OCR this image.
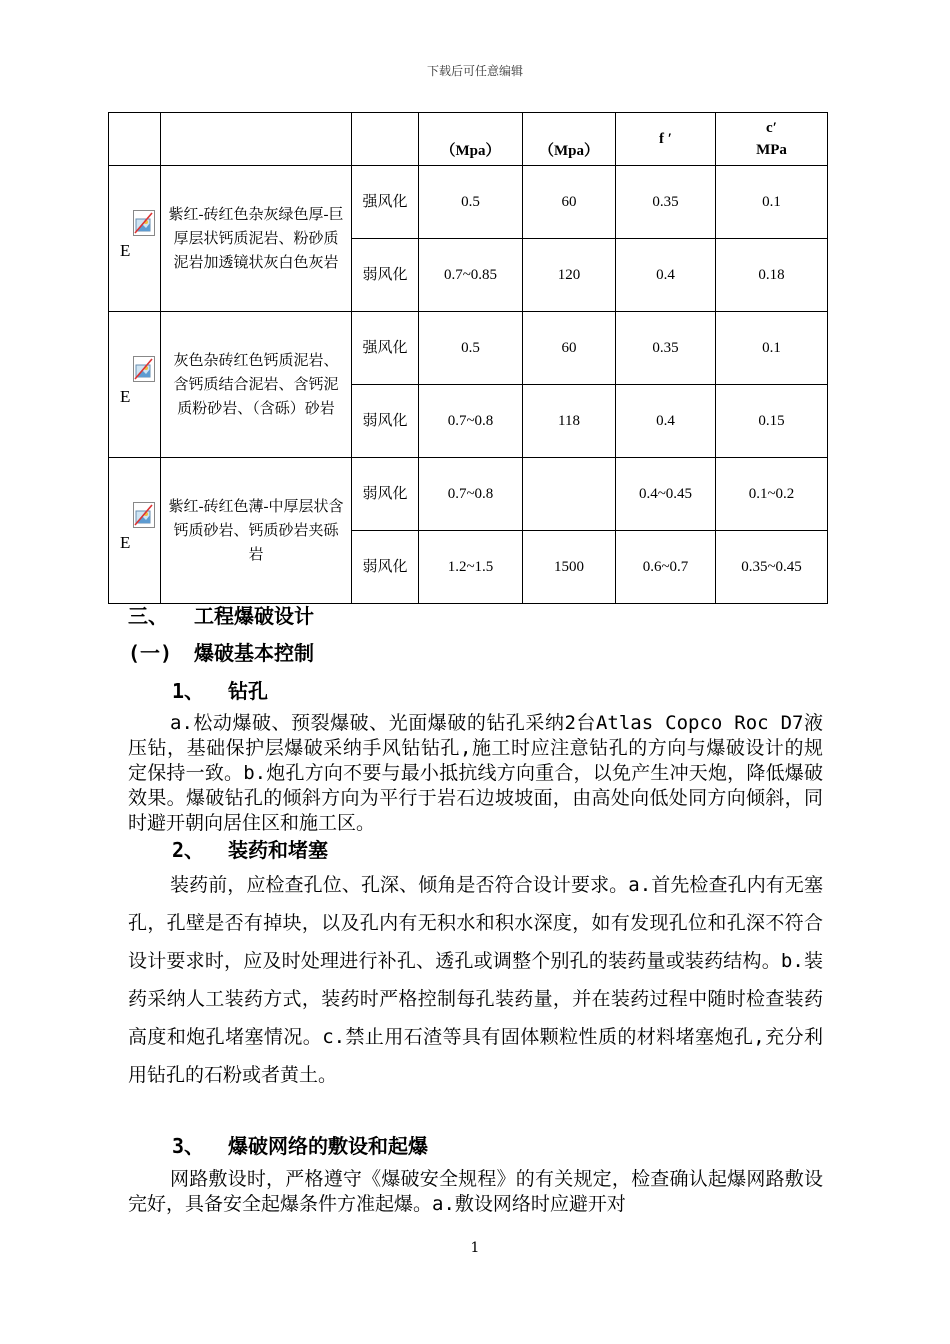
下载后可任意编辑
			（Mpa）	（Mpa）	f ′	c′
MPa

E	紫红-砖红色杂灰绿色厚-巨厚层状钙质泥岩、粉砂质泥岩加透镜状灰白色灰岩	强风化	0.5	60	0.35	0.1
		弱风化	0.7~0.85	120	0.4	0.18

E	灰色杂砖红色钙质泥岩、含钙质结合泥岩、含钙泥质粉砂岩、（含砾）砂岩	强风化	0.5	60	0.35	0.1
		弱风化	0.7~0.8	118	0.4	0.15

E	紫红-砖红色薄-中厚层状含钙质砂岩、钙质砂岩夹砾岩	弱风化	0.7~0.8		0.4~0.45	0.1~0.2
		弱风化	1.2~1.5	1500	0.6~0.7	0.35~0.45
三、 工程爆破设计
(一) 爆破基本控制
1、 钻孔
a.松动爆破、预裂爆破、光面爆破的钻孔采纳2台Atlas Copco Roc D7液压钻，基础保护层爆破采纳手风钻钻孔,施工时应注意钻孔的方向与爆破设计的规定保持一致。b.炮孔方向不要与最小抵抗线方向重合，以免产生冲天炮，降低爆破效果。爆破钻孔的倾斜方向为平行于岩石边坡坡面，由高处向低处同方向倾斜，同时避开朝向居住区和施工区。
2、 装药和堵塞
装药前，应检查孔位、孔深、倾角是否符合设计要求。a.首先检查孔内有无塞孔，孔壁是否有掉块，以及孔内有无积水和积水深度，如有发现孔位和孔深不符合设计要求时，应及时处理进行补孔、透孔或调整个别孔的装药量或装药结构。b.装药采纳人工装药方式，装药时严格控制每孔装药量，并在装药过程中随时检查装药高度和炮孔堵塞情况。c.禁止用石渣等具有固体颗粒性质的材料堵塞炮孔,充分利用钻孔的石粉或者黄土。
3、 爆破网络的敷设和起爆
网路敷设时，严格遵守《爆破安全规程》的有关规定，检查确认起爆网路敷设完好，具备安全起爆条件方准起爆。a.敷设网络时应避开对
1
